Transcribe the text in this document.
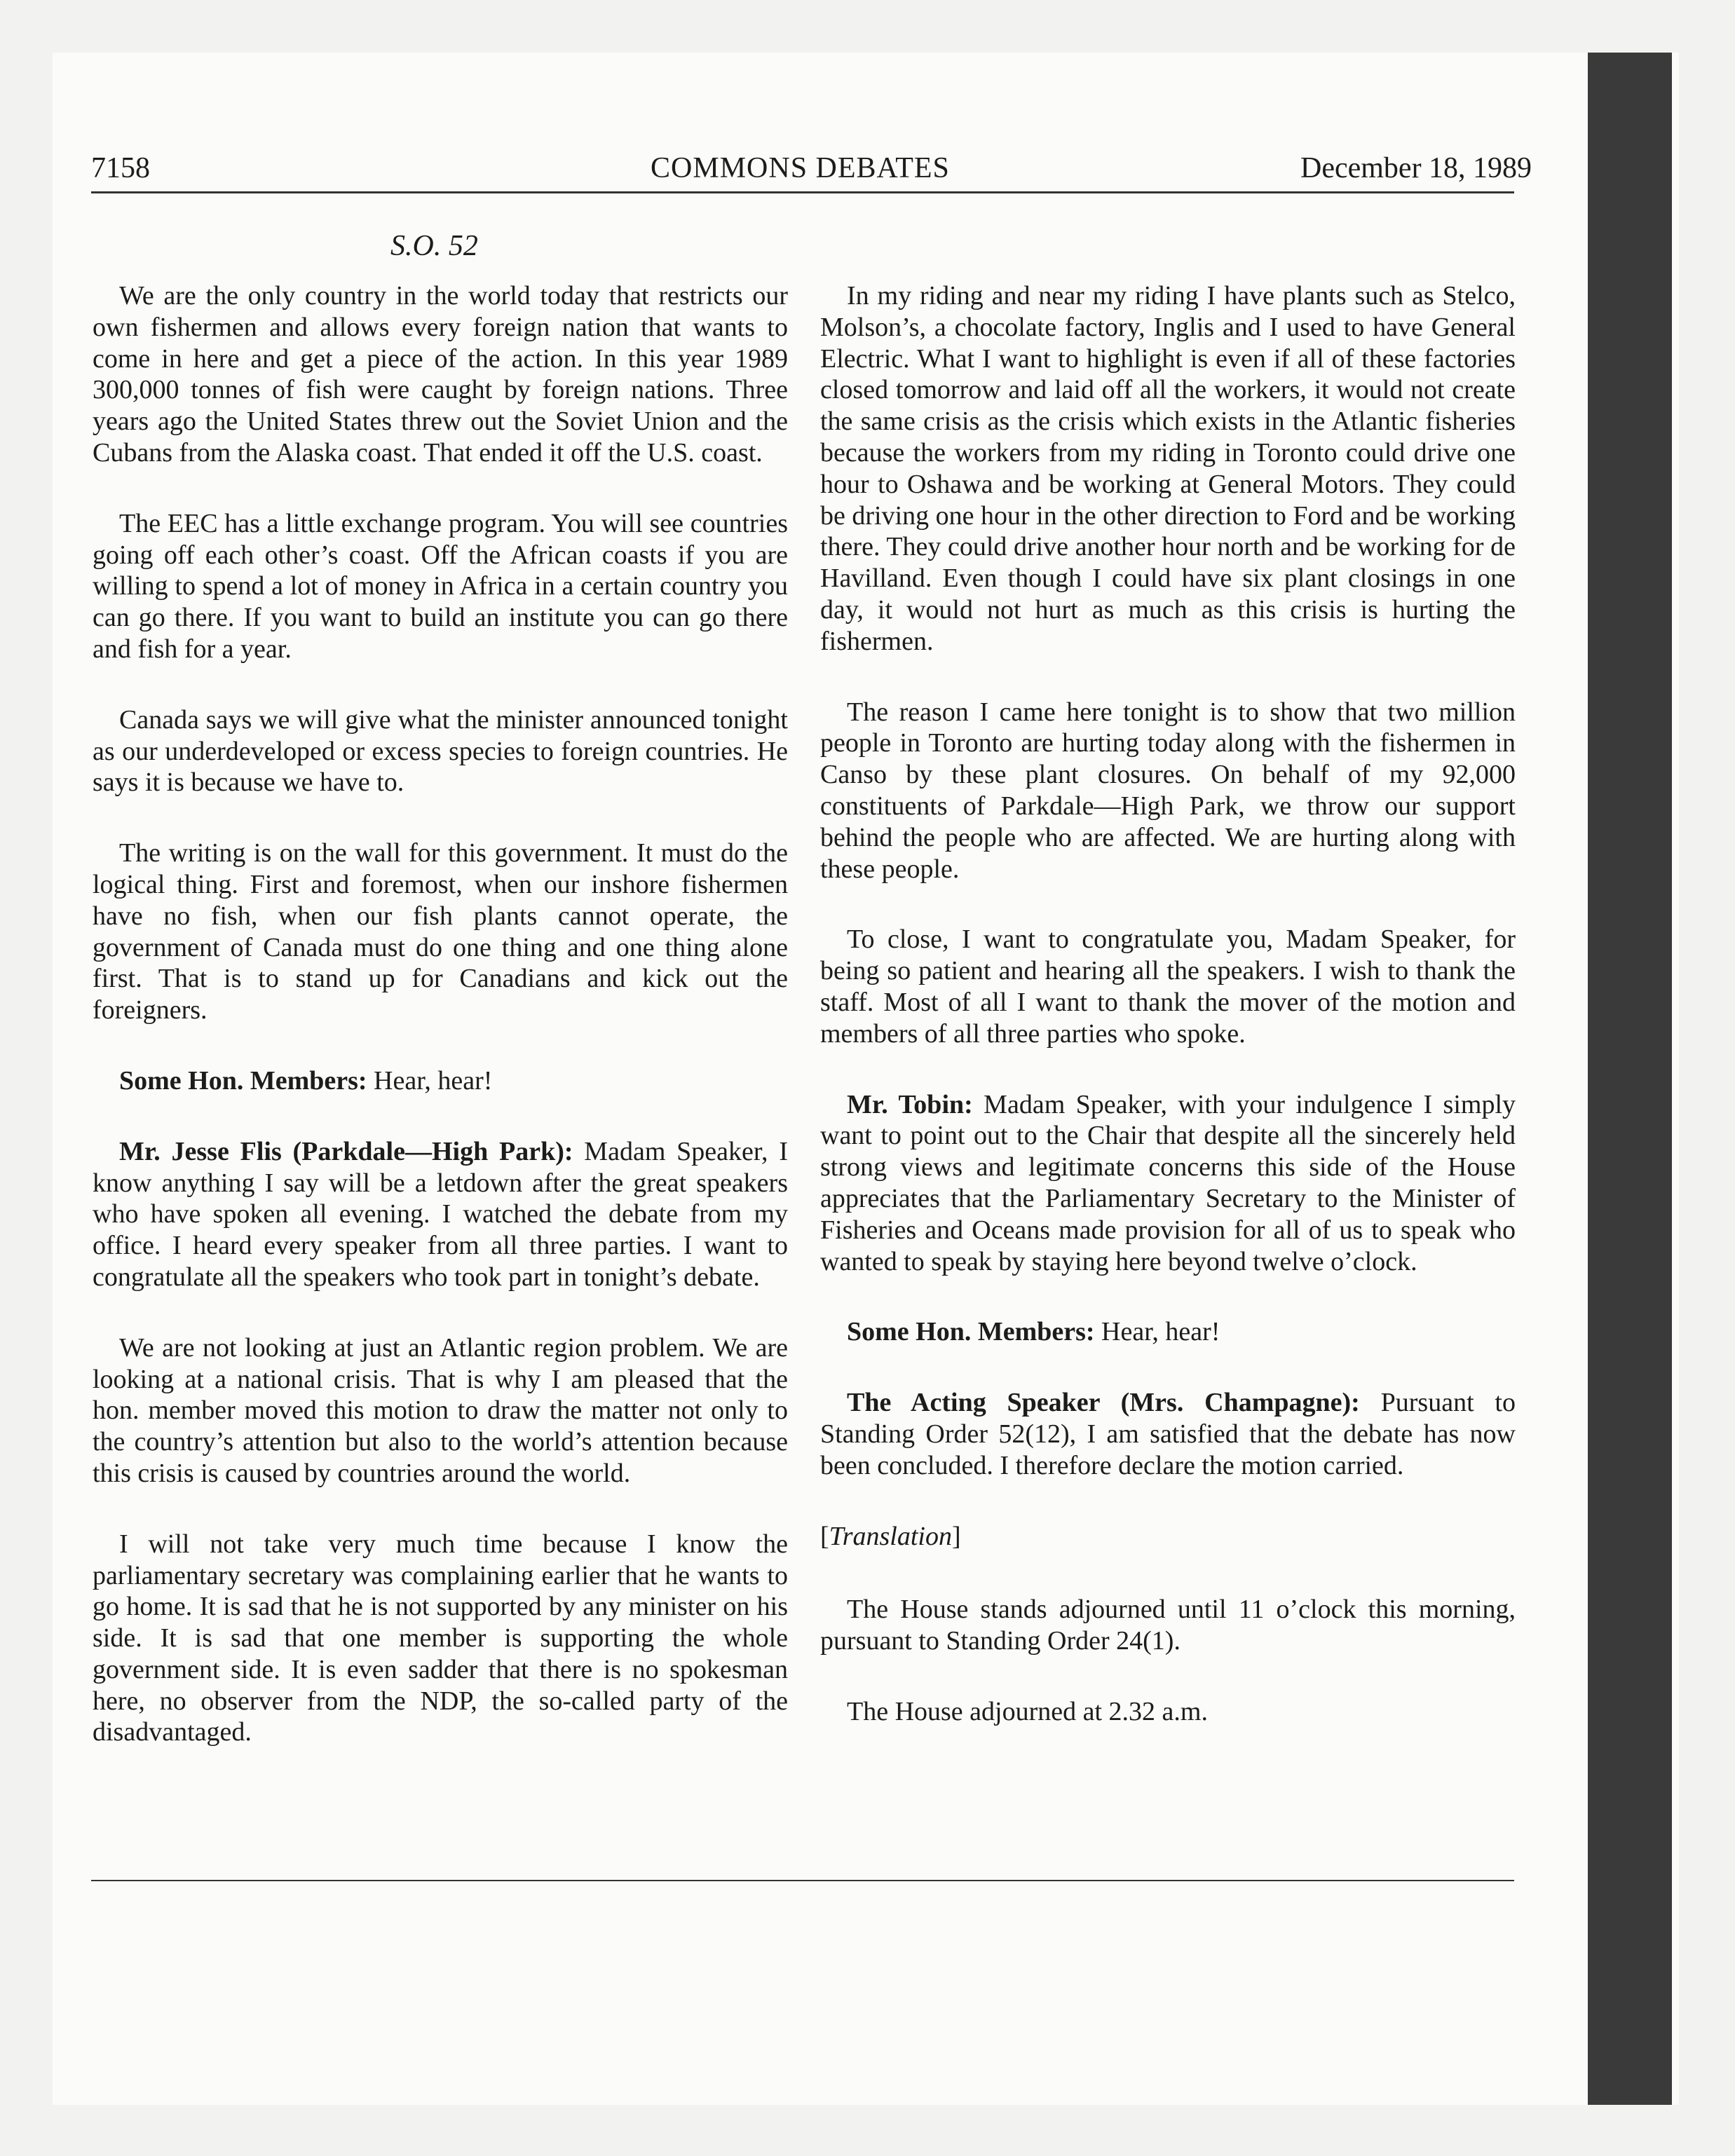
7158	COMMONS DEBATES	December 18, 1989
S.O. 52

We are the only country in the world today that restricts our own fishermen and allows every foreign nation that wants to come in here and get a piece of the action. In this year 1989 300,000 tonnes of fish were caught by foreign nations. Three years ago the United States threw out the Soviet Union and the Cubans from the Alaska coast. That ended it off the U.S. coast.

The EEC has a little exchange program. You will see countries going off each other’s coast. Off the African coasts if you are willing to spend a lot of money in Africa in a certain country you can go there. If you want to build an institute you can go there and fish for a year.

Canada says we will give what the minister announced tonight as our underdeveloped or excess species to foreign countries. He says it is because we have to.

The writing is on the wall for this government. It must do the logical thing. First and foremost, when our inshore fishermen have no fish, when our fish plants cannot operate, the government of Canada must do one thing and one thing alone first. That is to stand up for Canadians and kick out the foreigners.

Some Hon. Members: Hear, hear!

Mr. Jesse Flis (Parkdale—High Park): Madam Speaker, I know anything I say will be a letdown after the great speakers who have spoken all evening. I watched the debate from my office. I heard every speaker from all three parties. I want to congratulate all the speakers who took part in tonight’s debate.

We are not looking at just an Atlantic region problem. We are looking at a national crisis. That is why I am pleased that the hon. member moved this motion to draw the matter not only to the country’s attention but also to the world’s attention because this crisis is caused by countries around the world.

I will not take very much time because I know the parliamentary secretary was complaining earlier that he wants to go home. It is sad that he is not supported by any minister on his side. It is sad that one member is supporting the whole government side. It is even sadder that there is no spokesman here, no observer from the NDP, the so-called party of the disadvantaged.

In my riding and near my riding I have plants such as Stelco, Molson’s, a chocolate factory, Inglis and I used to have General Electric. What I want to highlight is even if all of these factories closed tomorrow and laid off all the workers, it would not create the same crisis as the crisis which exists in the Atlantic fisheries because the workers from my riding in Toronto could drive one hour to Oshawa and be working at General Motors. They could be driving one hour in the other direction to Ford and be working there. They could drive another hour north and be working for de Havilland. Even though I could have six plant closings in one day, it would not hurt as much as this crisis is hurting the fishermen.

The reason I came here tonight is to show that two million people in Toronto are hurting today along with the fishermen in Canso by these plant closures. On behalf of my 92,000 constituents of Parkdale—High Park, we throw our support behind the people who are affected. We are hurting along with these people.

To close, I want to congratulate you, Madam Speaker, for being so patient and hearing all the speakers. I wish to thank the staff. Most of all I want to thank the mover of the motion and members of all three parties who spoke.

Mr. Tobin: Madam Speaker, with your indulgence I simply want to point out to the Chair that despite all the sincerely held strong views and legitimate concerns this side of the House appreciates that the Parliamentary Secretary to the Minister of Fisheries and Oceans made provision for all of us to speak who wanted to speak by staying here beyond twelve o’clock.

Some Hon. Members: Hear, hear!

The Acting Speaker (Mrs. Champagne): Pursuant to Standing Order 52(12), I am satisfied that the debate has now been concluded. I therefore declare the motion carried.

[Translation]

The House stands adjourned until 11 o’clock this morning, pursuant to Standing Order 24(1).

The House adjourned at 2.32 a.m.
